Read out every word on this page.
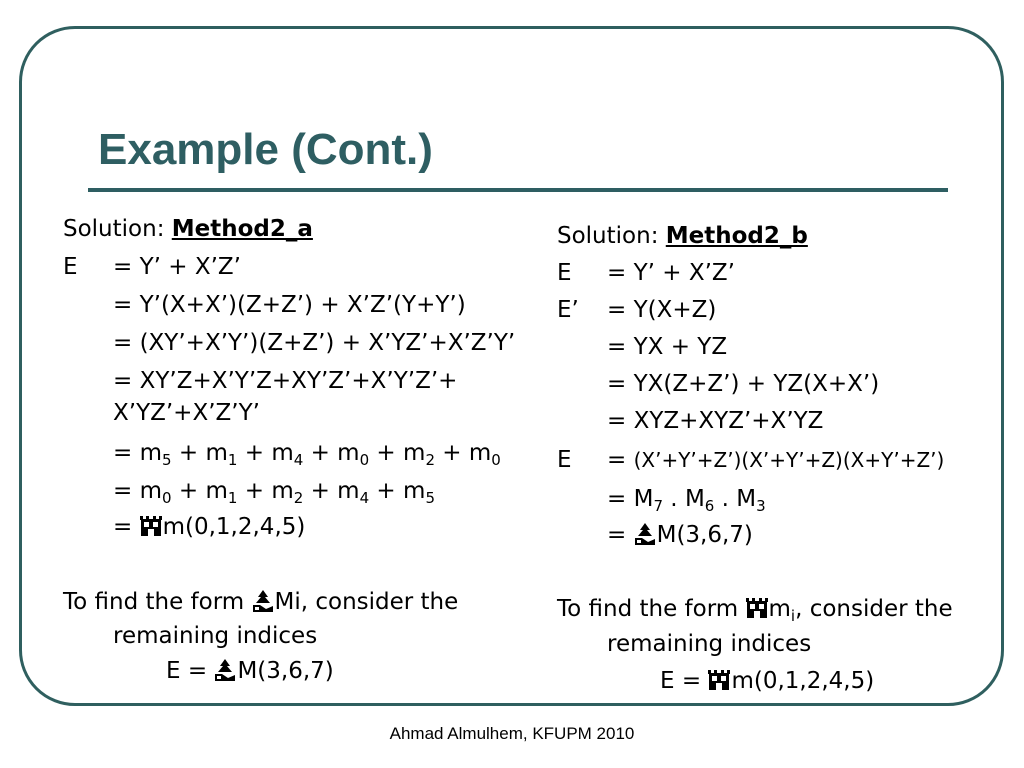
Example (Cont.)
Solution: Method2_a
E = Y’ + X’Z’
= Y’(X+X’)(Z+Z’) + X’Z’(Y+Y’)
= (XY’+X’Y’)(Z+Z’) + X’YZ’+X’Z’Y’
= XY’Z+X’Y’Z+XY’Z’+X’Y’Z’+
X’YZ’+X’Z’Y’
= $m_5 + m_1 + m_4 + m_0 + m_2 + m_0$
= $m_0 + m_1 + m_2 + m_4 + m_5$
=
m(0,1,2,4,5)
To find the form
Mi, consider the
remaining indices
E =
M(3,6,7)
Solution: Method2_b
E = Y’ + X’Z’
E’ = Y(X+Z)
= YX + YZ
= YX(Z+Z’) + YZ(X+X’)
= XYZ+XYZ’+X’YZ
E = (X’+Y’+Z’)(X’+Y’+Z)(X+Y’+Z’)
= $M_7$ . $M_6$ . $M_3$
=
M(3,6,7)
To find the form
$m_i$, consider the
remaining indices
E =
m(0,1,2,4,5)
Ahmad Almulhem, KFUPM 2010
